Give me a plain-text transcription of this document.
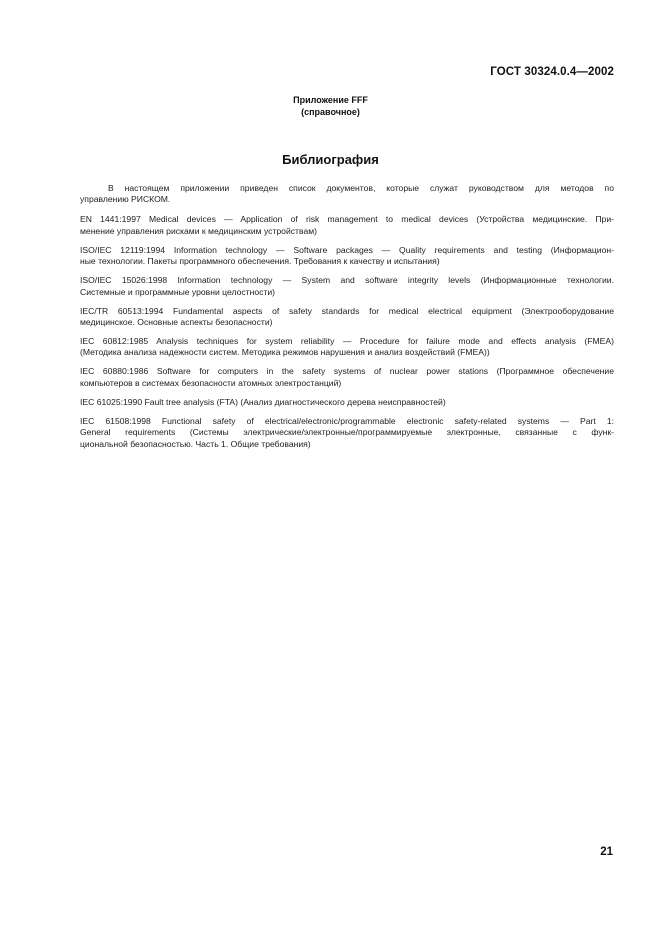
ГОСТ 30324.0.4—2002
Приложение FFF
(справочное)
Библиография

В настоящем приложении приведен список документов, которые служат руководством для методов по
управлению РИСКОМ.

EN 1441:1997 Medical devices — Application of risk management to medical devices (Устройства медицинские. При-
менение управления рисками к медицинским устройствам)

ISO/IEC 12119:1994 Information technology — Software packages — Quality requirements and testing (Информацион-
ные технологии. Пакеты программного обеспечения. Требования к качеству и испытания)

ISO/IEC 15026:1998 Information technology — System and software integrity levels (Информационные технологии.
Системные и программные уровни целостности)

IEC/TR 60513:1994 Fundamental aspects of safety standards for medical electrical equipment (Электрооборудование
медицинское. Основные аспекты безопасности)

IEC 60812:1985 Analysis techniques for system reliability — Procedure for failure mode and effects analysis (FMEA)
(Методика анализа надежности систем. Методика режимов нарушения и анализ воздействий (FMEA))

IEC 60880:1986 Software for computers in the safety systems of nuclear power stations (Программное обеспечение
компьютеров в системах безопасности атомных электростанций)

IEC 61025:1990 Fault tree analysis (FTA) (Анализ диагностического дерева неисправностей)

IEC 61508:1998 Functional safety of electrical/electronic/programmable electronic safety-related systems — Part 1:
General requirements (Системы электрические/электронные/программируемые электронные, связанные с функ-
циональной безопасностью. Часть 1. Общие требования)

21
